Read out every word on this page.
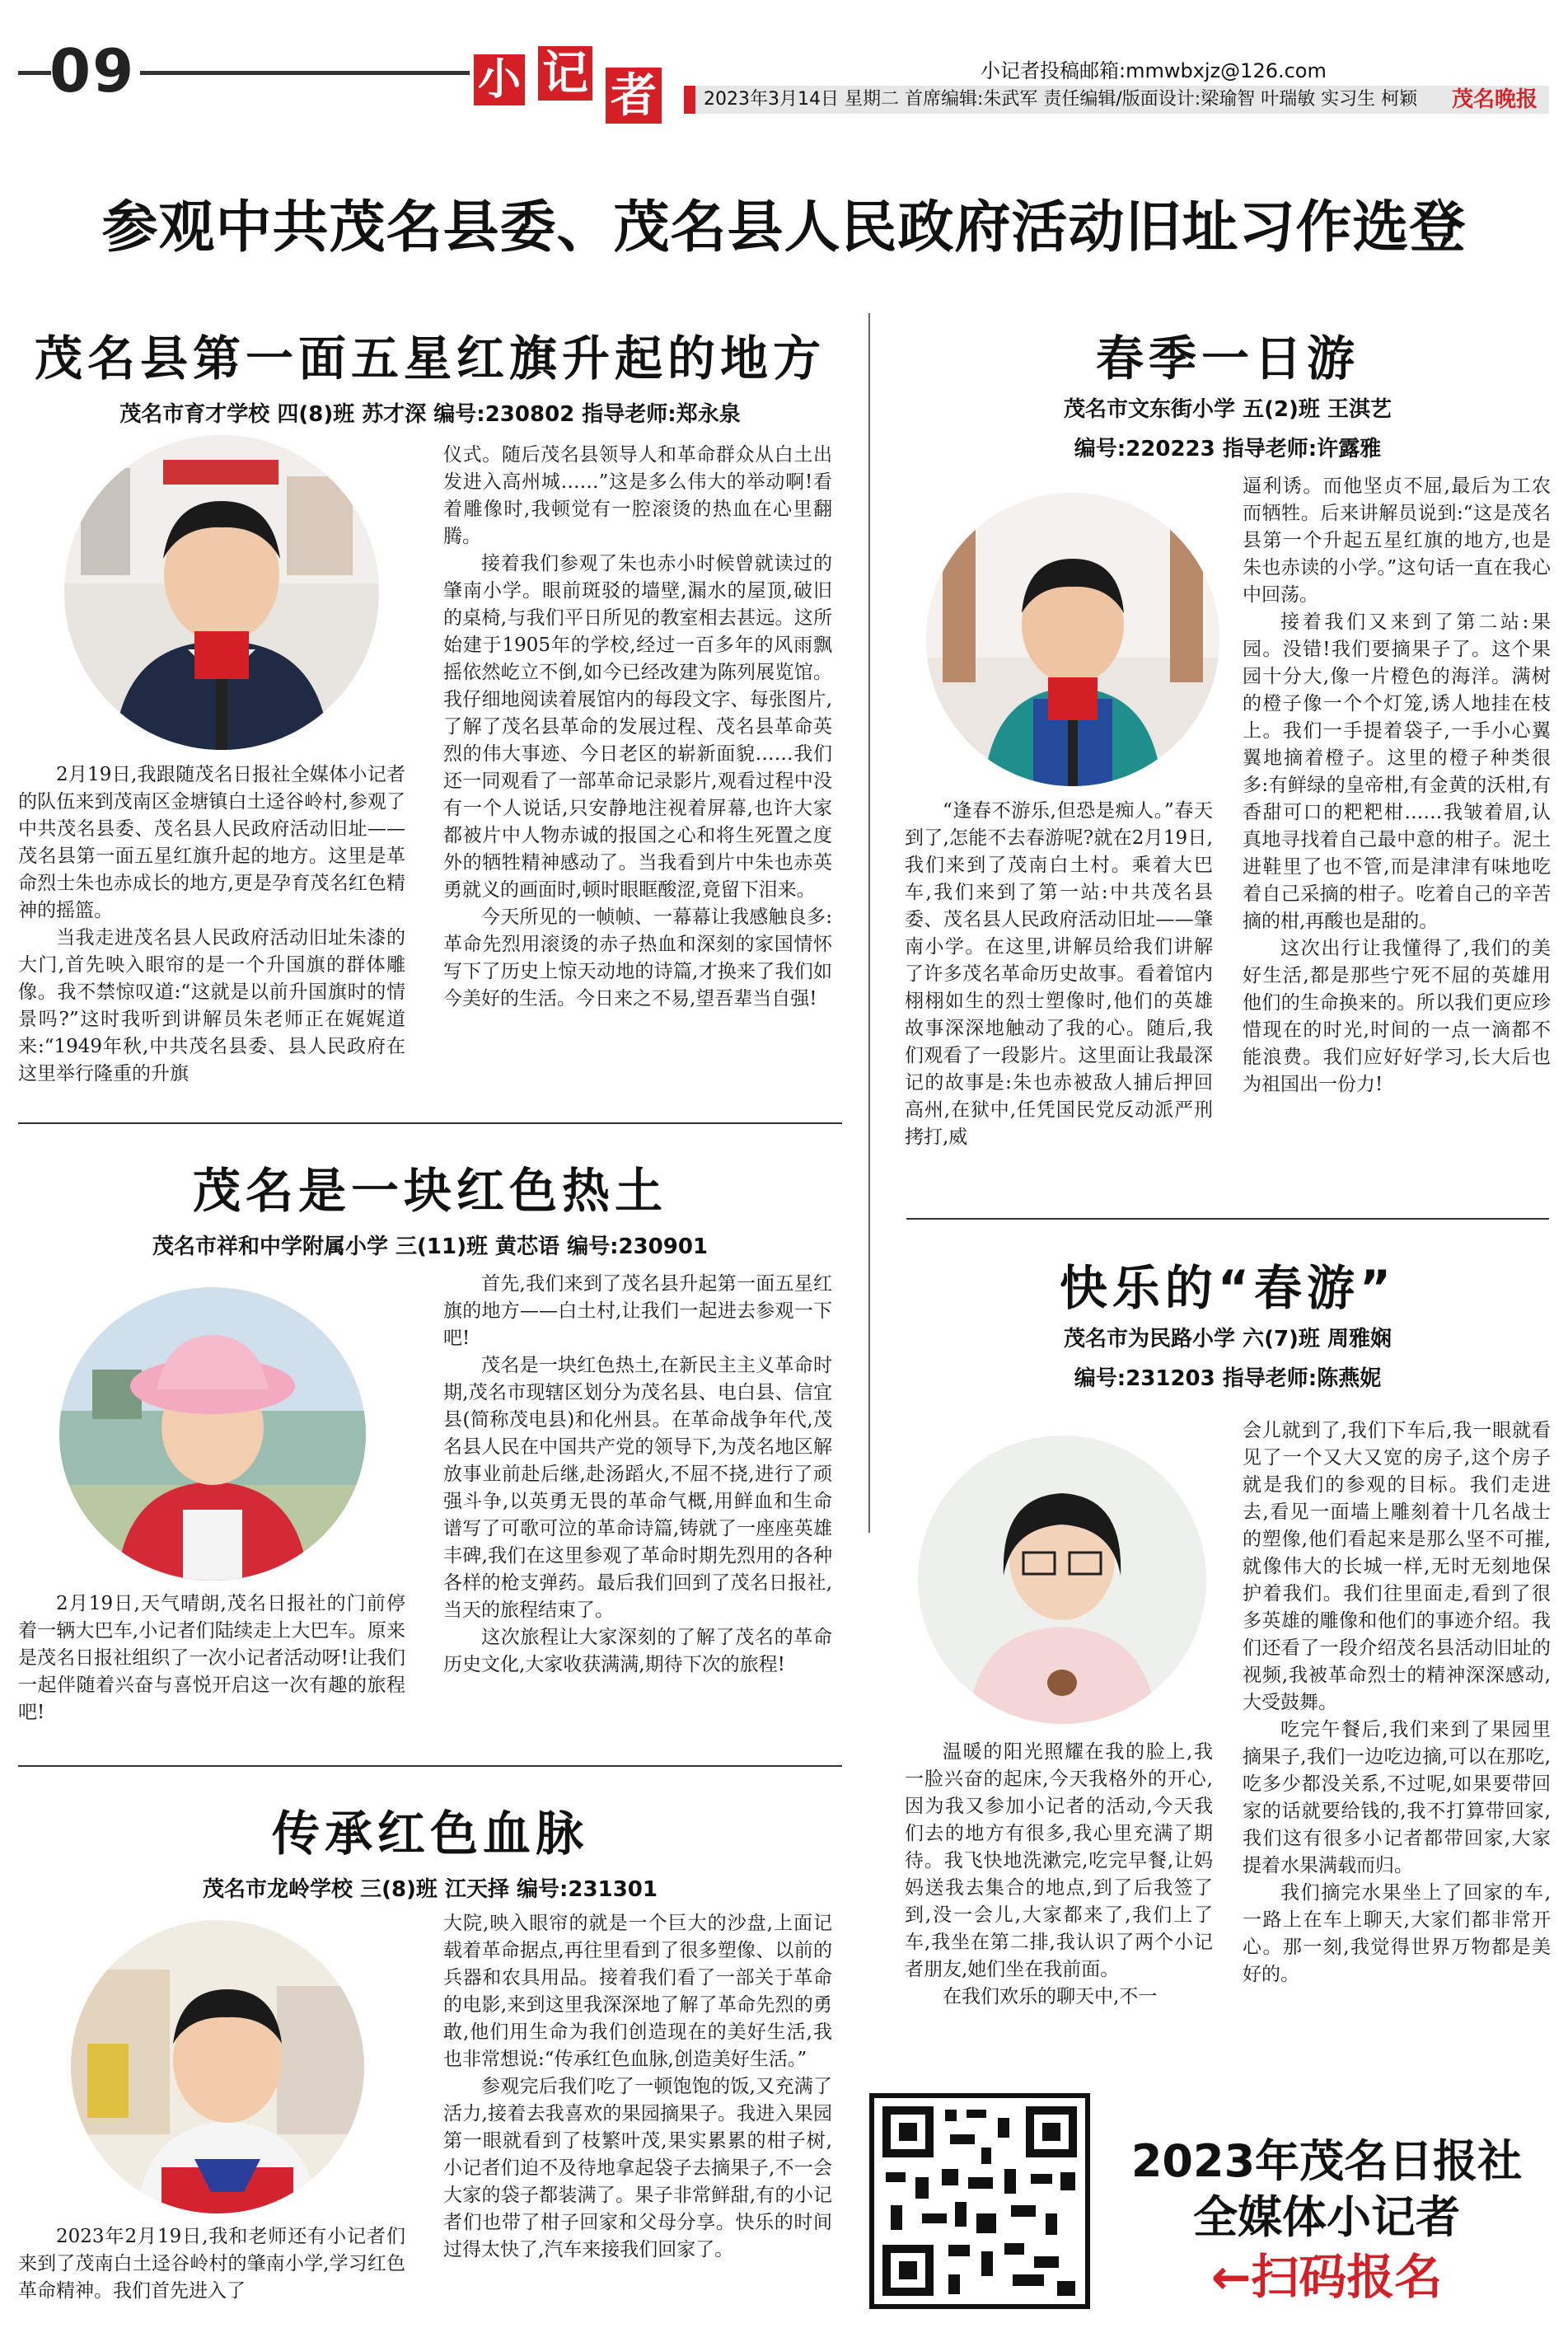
09	小 记 者	小记者投稿邮箱:mmwbxjz@126.com
2023年3月14日 星期二 首席编辑:朱武军 责任编辑/版面设计:梁瑜智 叶瑞敏 实习生 柯颖 茂名晚报
参观中共茂名县委、茂名县人民政府活动旧址习作选登
茂名县第一面五星红旗升起的地方
茂名市育才学校 四(8)班 苏才深 编号:230802 指导老师:郑永泉

2月19日,我跟随茂名日报社全媒体小记者的队伍来到茂南区金塘镇白土迳谷岭村,参观了中共茂名县委、茂名县人民政府活动旧址——茂名县第一面五星红旗升起的地方。这里是革命烈士朱也赤成长的地方,更是孕育茂名红色精神的摇篮。

当我走进茂名县人民政府活动旧址朱漆的大门,首先映入眼帘的是一个升国旗的群体雕像。我不禁惊叹道:“这就是以前升国旗时的情景吗?”这时我听到讲解员朱老师正在娓娓道来:“1949年秋,中共茂名县委、县人民政府在这里举行隆重的升旗

仪式。随后茂名县领导人和革命群众从白土出发进入高州城……”这是多么伟大的举动啊!看着雕像时,我顿觉有一腔滚烫的热血在心里翻腾。

接着我们参观了朱也赤小时候曾就读过的肇南小学。眼前斑驳的墙壁,漏水的屋顶,破旧的桌椅,与我们平日所见的教室相去甚远。这所始建于1905年的学校,经过一百多年的风雨飘摇依然屹立不倒,如今已经改建为陈列展览馆。我仔细地阅读着展馆内的每段文字、每张图片,了解了茂名县革命的发展过程、茂名县革命英烈的伟大事迹、今日老区的崭新面貌……我们还一同观看了一部革命记录影片,观看过程中没有一个人说话,只安静地注视着屏幕,也许大家都被片中人物赤诚的报国之心和将生死置之度外的牺牲精神感动了。当我看到片中朱也赤英勇就义的画面时,顿时眼眶酸涩,竟留下泪来。

今天所见的一帧帧、一幕幕让我感触良多:革命先烈用滚烫的赤子热血和深刻的家国情怀写下了历史上惊天动地的诗篇,才换来了我们如今美好的生活。今日来之不易,望吾辈当自强!

茂名是一块红色热土
茂名市祥和中学附属小学 三(11)班 黄芯语 编号:230901

2月19日,天气晴朗,茂名日报社的门前停着一辆大巴车,小记者们陆续走上大巴车。原来是茂名日报社组织了一次小记者活动呀!让我们一起伴随着兴奋与喜悦开启这一次有趣的旅程吧!

首先,我们来到了茂名县升起第一面五星红旗的地方——白土村,让我们一起进去参观一下吧!

茂名是一块红色热土,在新民主主义革命时期,茂名市现辖区划分为茂名县、电白县、信宜县(简称茂电县)和化州县。在革命战争年代,茂名县人民在中国共产党的领导下,为茂名地区解放事业前赴后继,赴汤蹈火,不屈不挠,进行了顽强斗争,以英勇无畏的革命气概,用鲜血和生命谱写了可歌可泣的革命诗篇,铸就了一座座英雄丰碑,我们在这里参观了革命时期先烈用的各种各样的枪支弹药。最后我们回到了茂名日报社,当天的旅程结束了。

这次旅程让大家深刻的了解了茂名的革命历史文化,大家收获满满,期待下次的旅程!

传承红色血脉
茂名市龙岭学校 三(8)班 江天择 编号:231301

2023年2月19日,我和老师还有小记者们来到了茂南白土迳谷岭村的肇南小学,学习红色革命精神。我们首先进入了

大院,映入眼帘的就是一个巨大的沙盘,上面记载着革命据点,再往里看到了很多塑像、以前的兵器和农具用品。接着我们看了一部关于革命的电影,来到这里我深深地了解了革命先烈的勇敢,他们用生命为我们创造现在的美好生活,我也非常想说:“传承红色血脉,创造美好生活。”

参观完后我们吃了一顿饱饱的饭,又充满了活力,接着去我喜欢的果园摘果子。我进入果园第一眼就看到了枝繁叶茂,果实累累的柑子树,小记者们迫不及待地拿起袋子去摘果子,不一会大家的袋子都装满了。果子非常鲜甜,有的小记者们也带了柑子回家和父母分享。快乐的时间过得太快了,汽车来接我们回家了。

春季一日游
茂名市文东街小学 五(2)班 王淇艺
编号:220223 指导老师:许露雅

“逢春不游乐,但恐是痴人。”春天到了,怎能不去春游呢?就在2月19日,我们来到了茂南白土村。乘着大巴车,我们来到了第一站:中共茂名县委、茂名县人民政府活动旧址——肇南小学。在这里,讲解员给我们讲解了许多茂名革命历史故事。看着馆内栩栩如生的烈士塑像时,他们的英雄故事深深地触动了我的心。随后,我们观看了一段影片。这里面让我最深记的故事是:朱也赤被敌人捕后押回高州,在狱中,任凭国民党反动派严刑拷打,威

逼利诱。而他坚贞不屈,最后为工农而牺牲。后来讲解员说到:“这是茂名县第一个升起五星红旗的地方,也是朱也赤读的小学。”这句话一直在我心中回荡。

接着我们又来到了第二站:果园。没错!我们要摘果子了。这个果园十分大,像一片橙色的海洋。满树的橙子像一个个灯笼,诱人地挂在枝上。我们一手提着袋子,一手小心翼翼地摘着橙子。这里的橙子种类很多:有鲜绿的皇帝柑,有金黄的沃柑,有香甜可口的粑粑柑……我皱着眉,认真地寻找着自己最中意的柑子。泥土进鞋里了也不管,而是津津有味地吃着自己采摘的柑子。吃着自己的辛苦摘的柑,再酸也是甜的。

这次出行让我懂得了,我们的美好生活,都是那些宁死不屈的英雄用他们的生命换来的。所以我们更应珍惜现在的时光,时间的一点一滴都不能浪费。我们应好好学习,长大后也为祖国出一份力!

快乐的“春游”
茂名市为民路小学 六(7)班 周雅娴
编号:231203 指导老师:陈燕妮

温暖的阳光照耀在我的脸上,我一脸兴奋的起床,今天我格外的开心,因为我又参加小记者的活动,今天我们去的地方有很多,我心里充满了期待。我飞快地洗漱完,吃完早餐,让妈妈送我去集合的地点,到了后我签了到,没一会儿,大家都来了,我们上了车,我坐在第二排,我认识了两个小记者朋友,她们坐在我前面。

在我们欢乐的聊天中,不一

会儿就到了,我们下车后,我一眼就看见了一个又大又宽的房子,这个房子就是我们的参观的目标。我们走进去,看见一面墙上雕刻着十几名战士的塑像,他们看起来是那么坚不可摧,就像伟大的长城一样,无时无刻地保护着我们。我们往里面走,看到了很多英雄的雕像和他们的事迹介绍。我们还看了一段介绍茂名县活动旧址的视频,我被革命烈士的精神深深感动,大受鼓舞。

吃完午餐后,我们来到了果园里摘果子,我们一边吃边摘,可以在那吃,吃多少都没关系,不过呢,如果要带回家的话就要给钱的,我不打算带回家,我们这有很多小记者都带回家,大家提着水果满载而归。

我们摘完水果坐上了回家的车,一路上在车上聊天,大家们都非常开心。那一刻,我觉得世界万物都是美好的。

2023年茂名日报社
全媒体小记者
←扫码报名
